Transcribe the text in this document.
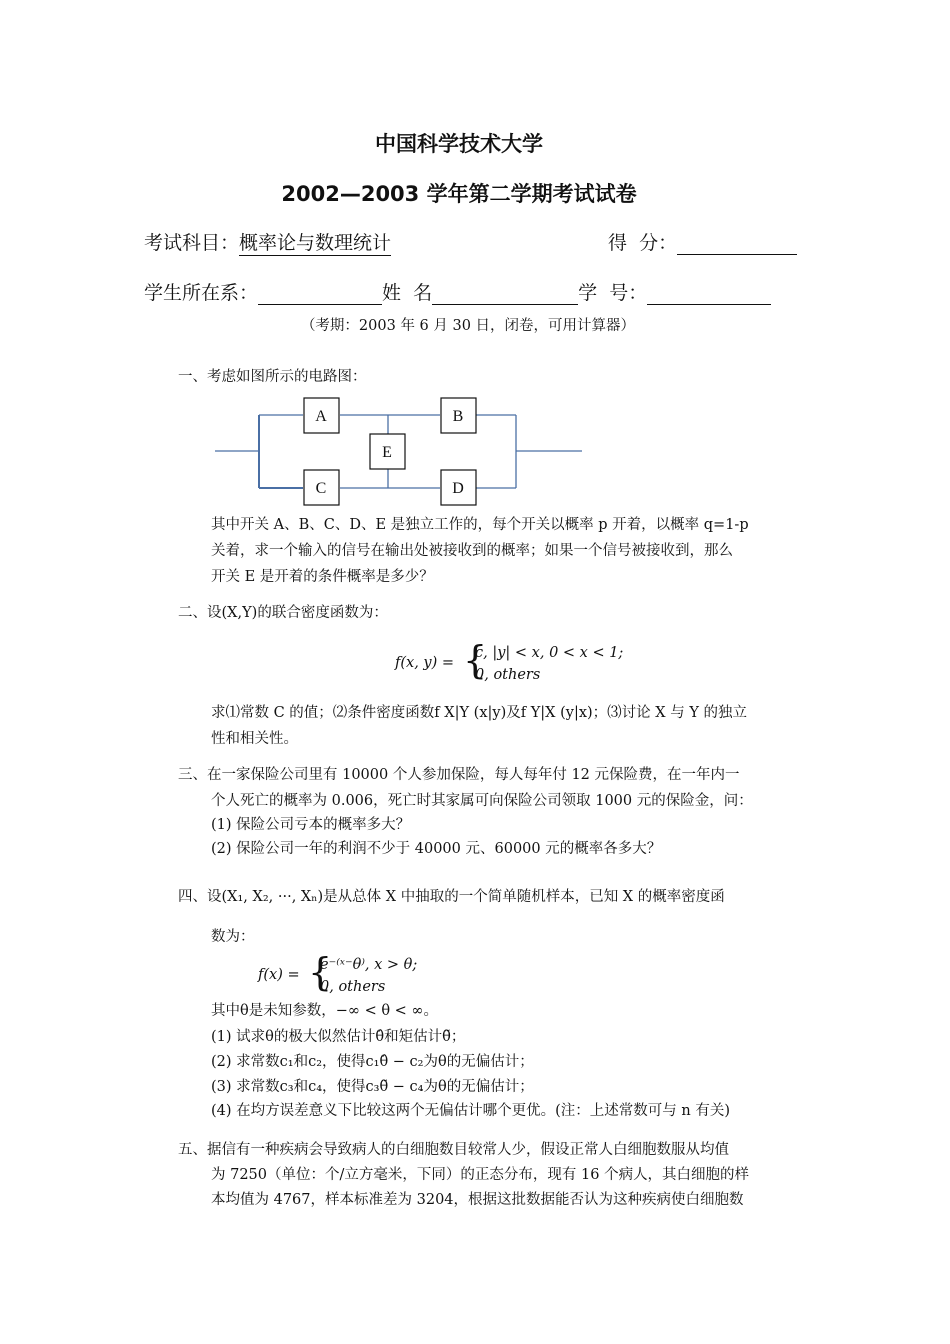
中国科学技术大学
2002—2003 学年第二学期考试试卷
考试科目：概率论与数理统计	得  分：
学生所在系：	姓  名	学  号：
（考期：2003 年 6 月 30 日，闭卷，可用计算器）
一、考虑如图所示的电路图：
A	B
C	D
E
其中开关 A、B、C、D、E 是独立工作的，每个开关以概率 p 开着，以概率 q=1-p
关着，求一个输入的信号在输出处被接收到的概率；如果一个信号被接收到，那么
开关 E 是开着的条件概率是多少？
二、设(X,Y)的联合密度函数为：
f(x, y) = {
c, |y| < x, 0 < x < 1;
0, others
求⑴常数 C 的值；⑵条件密度函数f X|Y (x|y)及f Y|X (y|x)；⑶讨论 X 与 Y 的独立
性和相关性。
三、在一家保险公司里有 10000 个人参加保险，每人每年付 12 元保险费，在一年内一
个人死亡的概率为 0.006，死亡时其家属可向保险公司领取 1000 元的保险金，问：
(1) 保险公司亏本的概率多大？
(2) 保险公司一年的利润不少于 40000 元、60000 元的概率各多大？
四、设(X₁, X₂, ···, Xₙ)是从总体 X 中抽取的一个简单随机样本，已知 X 的概率密度函
数为：
f(x) = {
e⁻⁽ˣ⁻θ⁾, x > θ;
0, others
其中θ是未知参数，−∞ < θ < ∞。
(1) 试求θ的极大似然估计θ̂和矩估计θ̃；
(2) 求常数c₁和c₂，使得c₁θ̂ − c₂为θ的无偏估计；
(3) 求常数c₃和c₄，使得c₃θ̃ − c₄为θ的无偏估计；
(4) 在均方误差意义下比较这两个无偏估计哪个更优。(注：上述常数可与 n 有关)
五、据信有一种疾病会导致病人的白细胞数目较常人少，假设正常人白细胞数服从均值
为 7250（单位：个/立方毫米，下同）的正态分布，现有 16 个病人，其白细胞的样
本均值为 4767，样本标准差为 3204，根据这批数据能否认为这种疾病使白细胞数
